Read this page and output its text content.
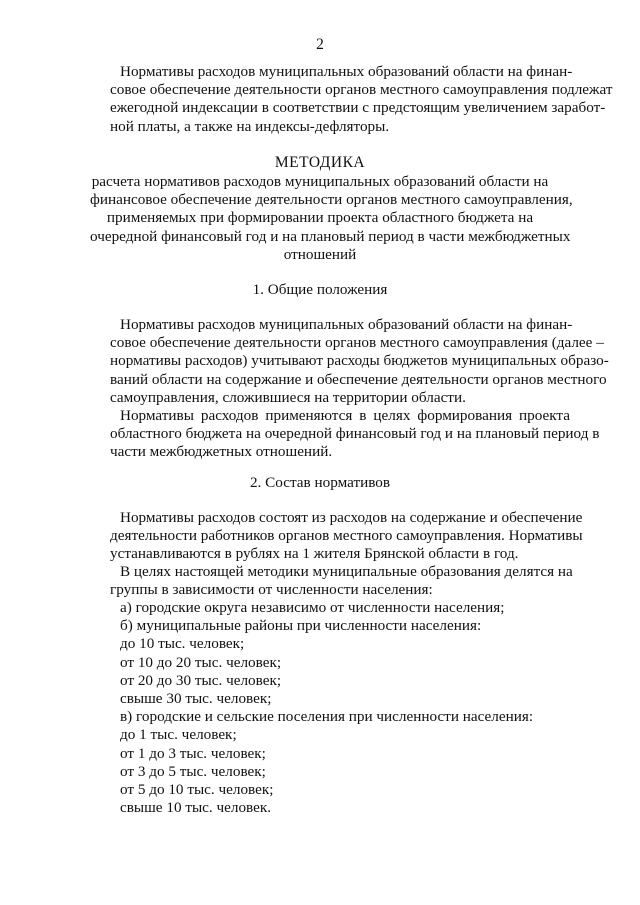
2
Нормативы расходов муниципальных образований области на финан-
совое обеспечение деятельности органов местного самоуправления подлежат
ежегодной индексации в соответствии с предстоящим увеличением заработ-
ной платы, а также на индексы-дефляторы.
МЕТОДИКА
расчета нормативов расходов муниципальных образований области на
финансовое обеспечение деятельности органов местного самоуправления,
применяемых при формировании проекта областного бюджета на
очередной финансовый год и на плановый период в части межбюджетных
отношений
1. Общие положения
Нормативы расходов муниципальных образований области на финан-
совое обеспечение деятельности органов местного самоуправления (далее –
нормативы расходов) учитывают расходы бюджетов муниципальных образо-
ваний области на содержание и обеспечение деятельности органов местного
самоуправления, сложившиеся на территории области.
Нормативы расходов применяются в целях формирования проекта
областного бюджета на очередной финансовый год и на плановый период в
части межбюджетных отношений.
2. Состав нормативов
Нормативы расходов состоят из расходов на содержание и обеспечение
деятельности работников органов местного самоуправления. Нормативы
устанавливаются в рублях на 1 жителя Брянской области в год.
В целях настоящей методики муниципальные образования делятся на
группы в зависимости от численности населения:
а) городские округа независимо от численности населения;
б) муниципальные районы при численности населения:
до 10 тыс. человек;
от 10 до 20 тыс. человек;
от 20 до 30 тыс. человек;
свыше 30 тыс. человек;
в) городские и сельские поселения при численности населения:
до 1 тыс. человек;
от 1 до 3 тыс. человек;
от 3 до 5 тыс. человек;
от 5 до 10 тыс. человек;
свыше 10 тыс. человек.
